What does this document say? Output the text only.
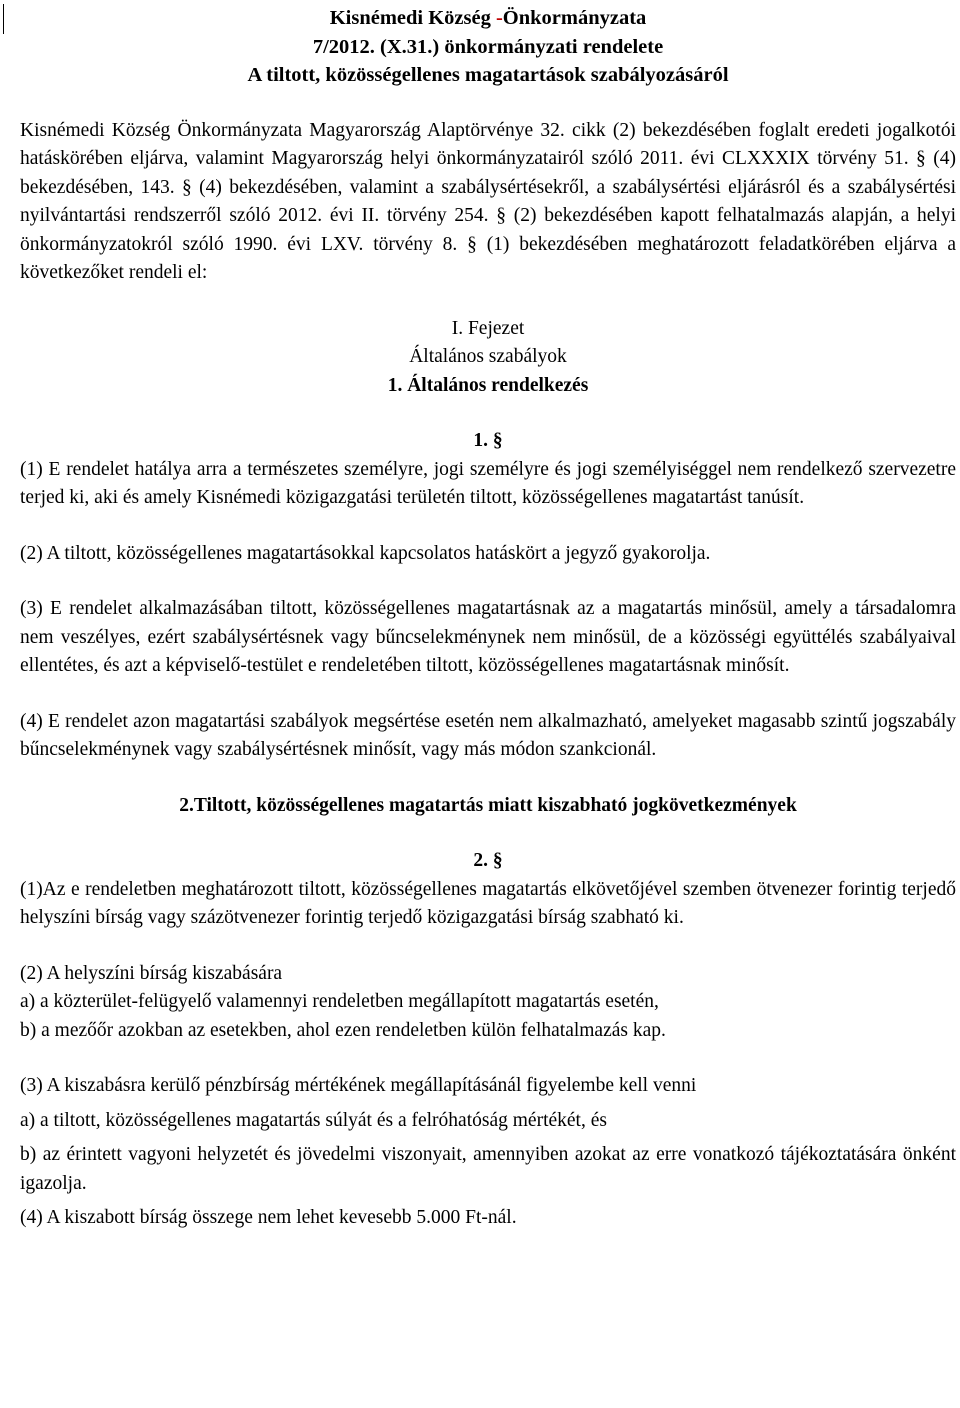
Kisnémedi Község -Önkormányzata
7/2012. (X.31.) önkormányzati rendelete
A tiltott, közösségellenes magatartások szabályozásáról

Kisnémedi Község Önkormányzata Magyarország Alaptörvénye 32. cikk (2) bekezdésében foglalt eredeti jogalkotói hatáskörében eljárva, valamint Magyarország helyi önkormányzatairól szóló 2011. évi CLXXXIX törvény 51. § (4) bekezdésében, 143. § (4) bekezdésében, valamint a szabálysértésekről, a szabálysértési eljárásról és a szabálysértési nyilvántartási rendszerről szóló 2012. évi II. törvény 254. § (2) bekezdésében kapott felhatalmazás alapján, a helyi önkormányzatokról szóló 1990. évi LXV. törvény 8. § (1) bekezdésében meghatározott feladatkörében eljárva a következőket rendeli el:

I. Fejezet
Általános szabályok
1. Általános rendelkezés

1. §

(1) E rendelet hatálya arra a természetes személyre, jogi személyre és jogi személyiséggel nem rendelkező szervezetre terjed ki, aki és amely Kisnémedi közigazgatási területén tiltott, közösségellenes magatartást tanúsít.

(2) A tiltott, közösségellenes magatartásokkal kapcsolatos hatáskört a jegyző gyakorolja.

(3) E rendelet alkalmazásában tiltott, közösségellenes magatartásnak az a magatartás minősül, amely a társadalomra nem veszélyes, ezért szabálysértésnek vagy bűncselekménynek nem minősül, de a közösségi együttélés szabályaival ellentétes, és azt a képviselő-testület e rendeletében tiltott, közösségellenes magatartásnak minősít.

(4) E rendelet azon magatartási szabályok megsértése esetén nem alkalmazható, amelyeket magasabb szintű jogszabály bűncselekménynek vagy szabálysértésnek minősít, vagy más módon szankcionál.

2.Tiltott, közösségellenes magatartás miatt kiszabható jogkövetkezmények

2. §

(1)Az e rendeletben meghatározott tiltott, közösségellenes magatartás elkövetőjével szemben ötvenezer forintig terjedő helyszíni bírság vagy százötvenezer forintig terjedő közigazgatási bírság szabható ki.

(2) A helyszíni bírság kiszabására

a) a közterület-felügyelő valamennyi rendeletben megállapított magatartás esetén,

b) a mezőőr azokban az esetekben, ahol ezen rendeletben külön felhatalmazás kap.

(3) A kiszabásra kerülő pénzbírság mértékének megállapításánál figyelembe kell venni

a) a tiltott, közösségellenes magatartás súlyát és a felróhatóság mértékét, és

b) az érintett vagyoni helyzetét és jövedelmi viszonyait, amennyiben azokat az erre vonatkozó tájékoztatására önként igazolja.

(4) A kiszabott bírság összege nem lehet kevesebb 5.000 Ft-nál.
